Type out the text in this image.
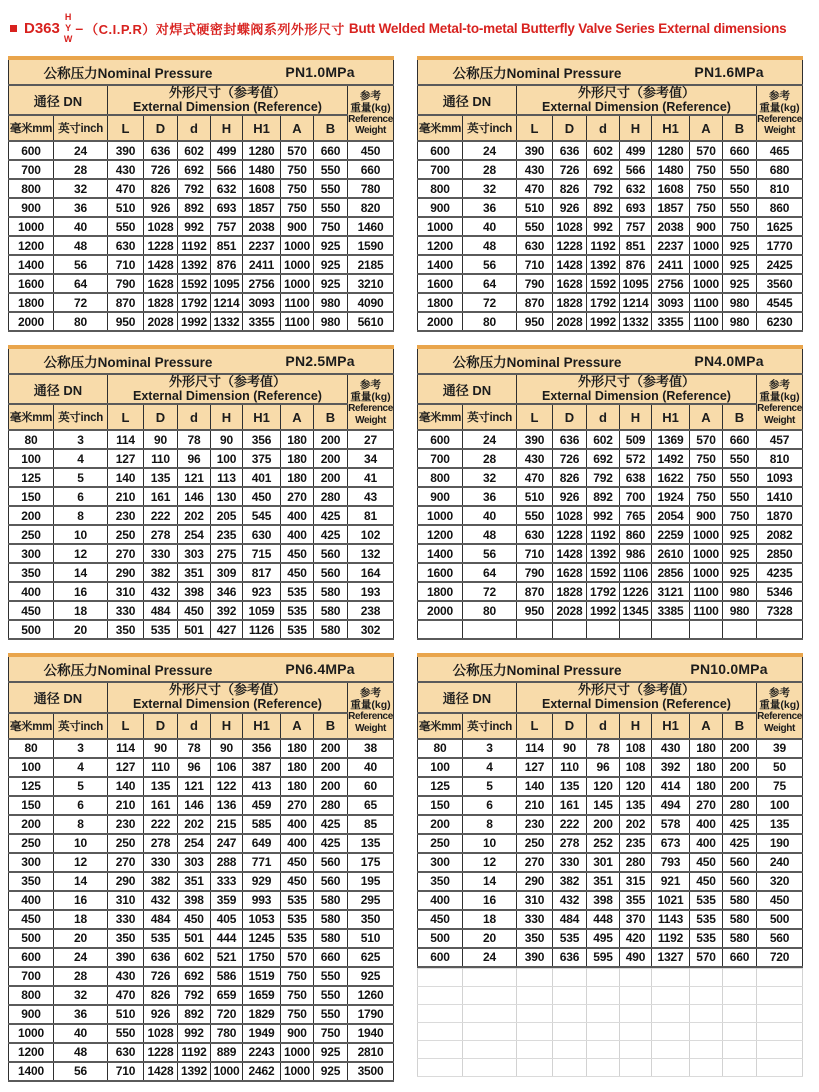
D363
H
Y
W
– （C.I.P.R）对焊式硬密封蝶阀系列外形尺寸 Butt Welded Metal-to-metal Butterfly Valve Series External dimensions
公称压力Nominal Pressure PN1.0MPa									

通径 DN	
外形尺寸（参考值）
External Dimension (Reference)

参考
重量(kg)
Reference
Weight

毫米mm	英寸inch	L	D	d	H	H1	A	B	
600	24	390	636	602	499	1280	570	660	450
700	28	430	726	692	566	1480	750	550	660
800	32	470	826	792	632	1608	750	550	780
900	36	510	926	892	693	1857	750	550	820
1000	40	550	1028	992	757	2038	900	750	1460
1200	48	630	1228	1192	851	2237	1000	925	1590
1400	56	710	1428	1392	876	2411	1000	925	2185
1600	64	790	1628	1592	1095	2756	1000	925	3210
1800	72	870	1828	1792	1214	3093	1100	980	4090
2000	80	950	2028	1992	1332	3355	1100	980	5610
公称压力Nominal Pressure PN1.6MPa									

通径 DN	
外形尺寸（参考值）
External Dimension (Reference)

参考
重量(kg)
Reference
Weight

毫米mm	英寸inch	L	D	d	H	H1	A	B	
600	24	390	636	602	499	1280	570	660	465
700	28	430	726	692	566	1480	750	550	680
800	32	470	826	792	632	1608	750	550	810
900	36	510	926	892	693	1857	750	550	860
1000	40	550	1028	992	757	2038	900	750	1625
1200	48	630	1228	1192	851	2237	1000	925	1770
1400	56	710	1428	1392	876	2411	1000	925	2425
1600	64	790	1628	1592	1095	2756	1000	925	3560
1800	72	870	1828	1792	1214	3093	1100	980	4545
2000	80	950	2028	1992	1332	3355	1100	980	6230
公称压力Nominal Pressure PN2.5MPa									

通径 DN	
外形尺寸（参考值）
External Dimension (Reference)

参考
重量(kg)
Reference
Weight

毫米mm	英寸inch	L	D	d	H	H1	A	B	
80	3	114	90	78	90	356	180	200	27
100	4	127	110	96	100	375	180	200	34
125	5	140	135	121	113	401	180	200	41
150	6	210	161	146	130	450	270	280	43
200	8	230	222	202	205	545	400	425	81
250	10	250	278	254	235	630	400	425	102
300	12	270	330	303	275	715	450	560	132
350	14	290	382	351	309	817	450	560	164
400	16	310	432	398	346	923	535	580	193
450	18	330	484	450	392	1059	535	580	238
500	20	350	535	501	427	1126	535	580	302
公称压力Nominal Pressure PN4.0MPa									

通径 DN	
外形尺寸（参考值）
External Dimension (Reference)

参考
重量(kg)
Reference
Weight

毫米mm	英寸inch	L	D	d	H	H1	A	B	
600	24	390	636	602	509	1369	570	660	457
700	28	430	726	692	572	1492	750	550	810
800	32	470	826	792	638	1622	750	550	1093
900	36	510	926	892	700	1924	750	550	1410
1000	40	550	1028	992	765	2054	900	750	1870
1200	48	630	1228	1192	860	2259	1000	925	2082
1400	56	710	1428	1392	986	2610	1000	925	2850
1600	64	790	1628	1592	1106	2856	1000	925	4235
1800	72	870	1828	1792	1226	3121	1100	980	5346
2000	80	950	2028	1992	1345	3385	1100	980	7328

公称压力Nominal Pressure PN6.4MPa									

通径 DN	
外形尺寸（参考值）
External Dimension (Reference)

参考
重量(kg)
Reference
Weight

毫米mm	英寸inch	L	D	d	H	H1	A	B	
80	3	114	90	78	90	356	180	200	38
100	4	127	110	96	106	387	180	200	40
125	5	140	135	121	122	413	180	200	60
150	6	210	161	146	136	459	270	280	65
200	8	230	222	202	215	585	400	425	85
250	10	250	278	254	247	649	400	425	135
300	12	270	330	303	288	771	450	560	175
350	14	290	382	351	333	929	450	560	195
400	16	310	432	398	359	993	535	580	295
450	18	330	484	450	405	1053	535	580	350
500	20	350	535	501	444	1245	535	580	510
600	24	390	636	602	521	1750	570	660	625
700	28	430	726	692	586	1519	750	550	925
800	32	470	826	792	659	1659	750	550	1260
900	36	510	926	892	720	1829	750	550	1790
1000	40	550	1028	992	780	1949	900	750	1940
1200	48	630	1228	1192	889	2243	1000	925	2810
1400	56	710	1428	1392	1000	2462	1000	925	3500
公称压力Nominal Pressure PN10.0MPa									

通径 DN	
外形尺寸（参考值）
External Dimension (Reference)

参考
重量(kg)
Reference
Weight

毫米mm	英寸inch	L	D	d	H	H1	A	B	
80	3	114	90	78	108	430	180	200	39
100	4	127	110	96	108	392	180	200	50
125	5	140	135	120	120	414	180	200	75
150	6	210	161	145	135	494	270	280	100
200	8	230	222	200	202	578	400	425	135
250	10	250	278	252	235	673	400	425	190
300	12	270	330	301	280	793	450	560	240
350	14	290	382	351	315	921	450	560	320
400	16	310	432	398	355	1021	535	580	450
450	18	330	484	448	370	1143	535	580	500
500	20	350	535	495	420	1192	535	580	560
600	24	390	636	595	490	1327	570	660	720
